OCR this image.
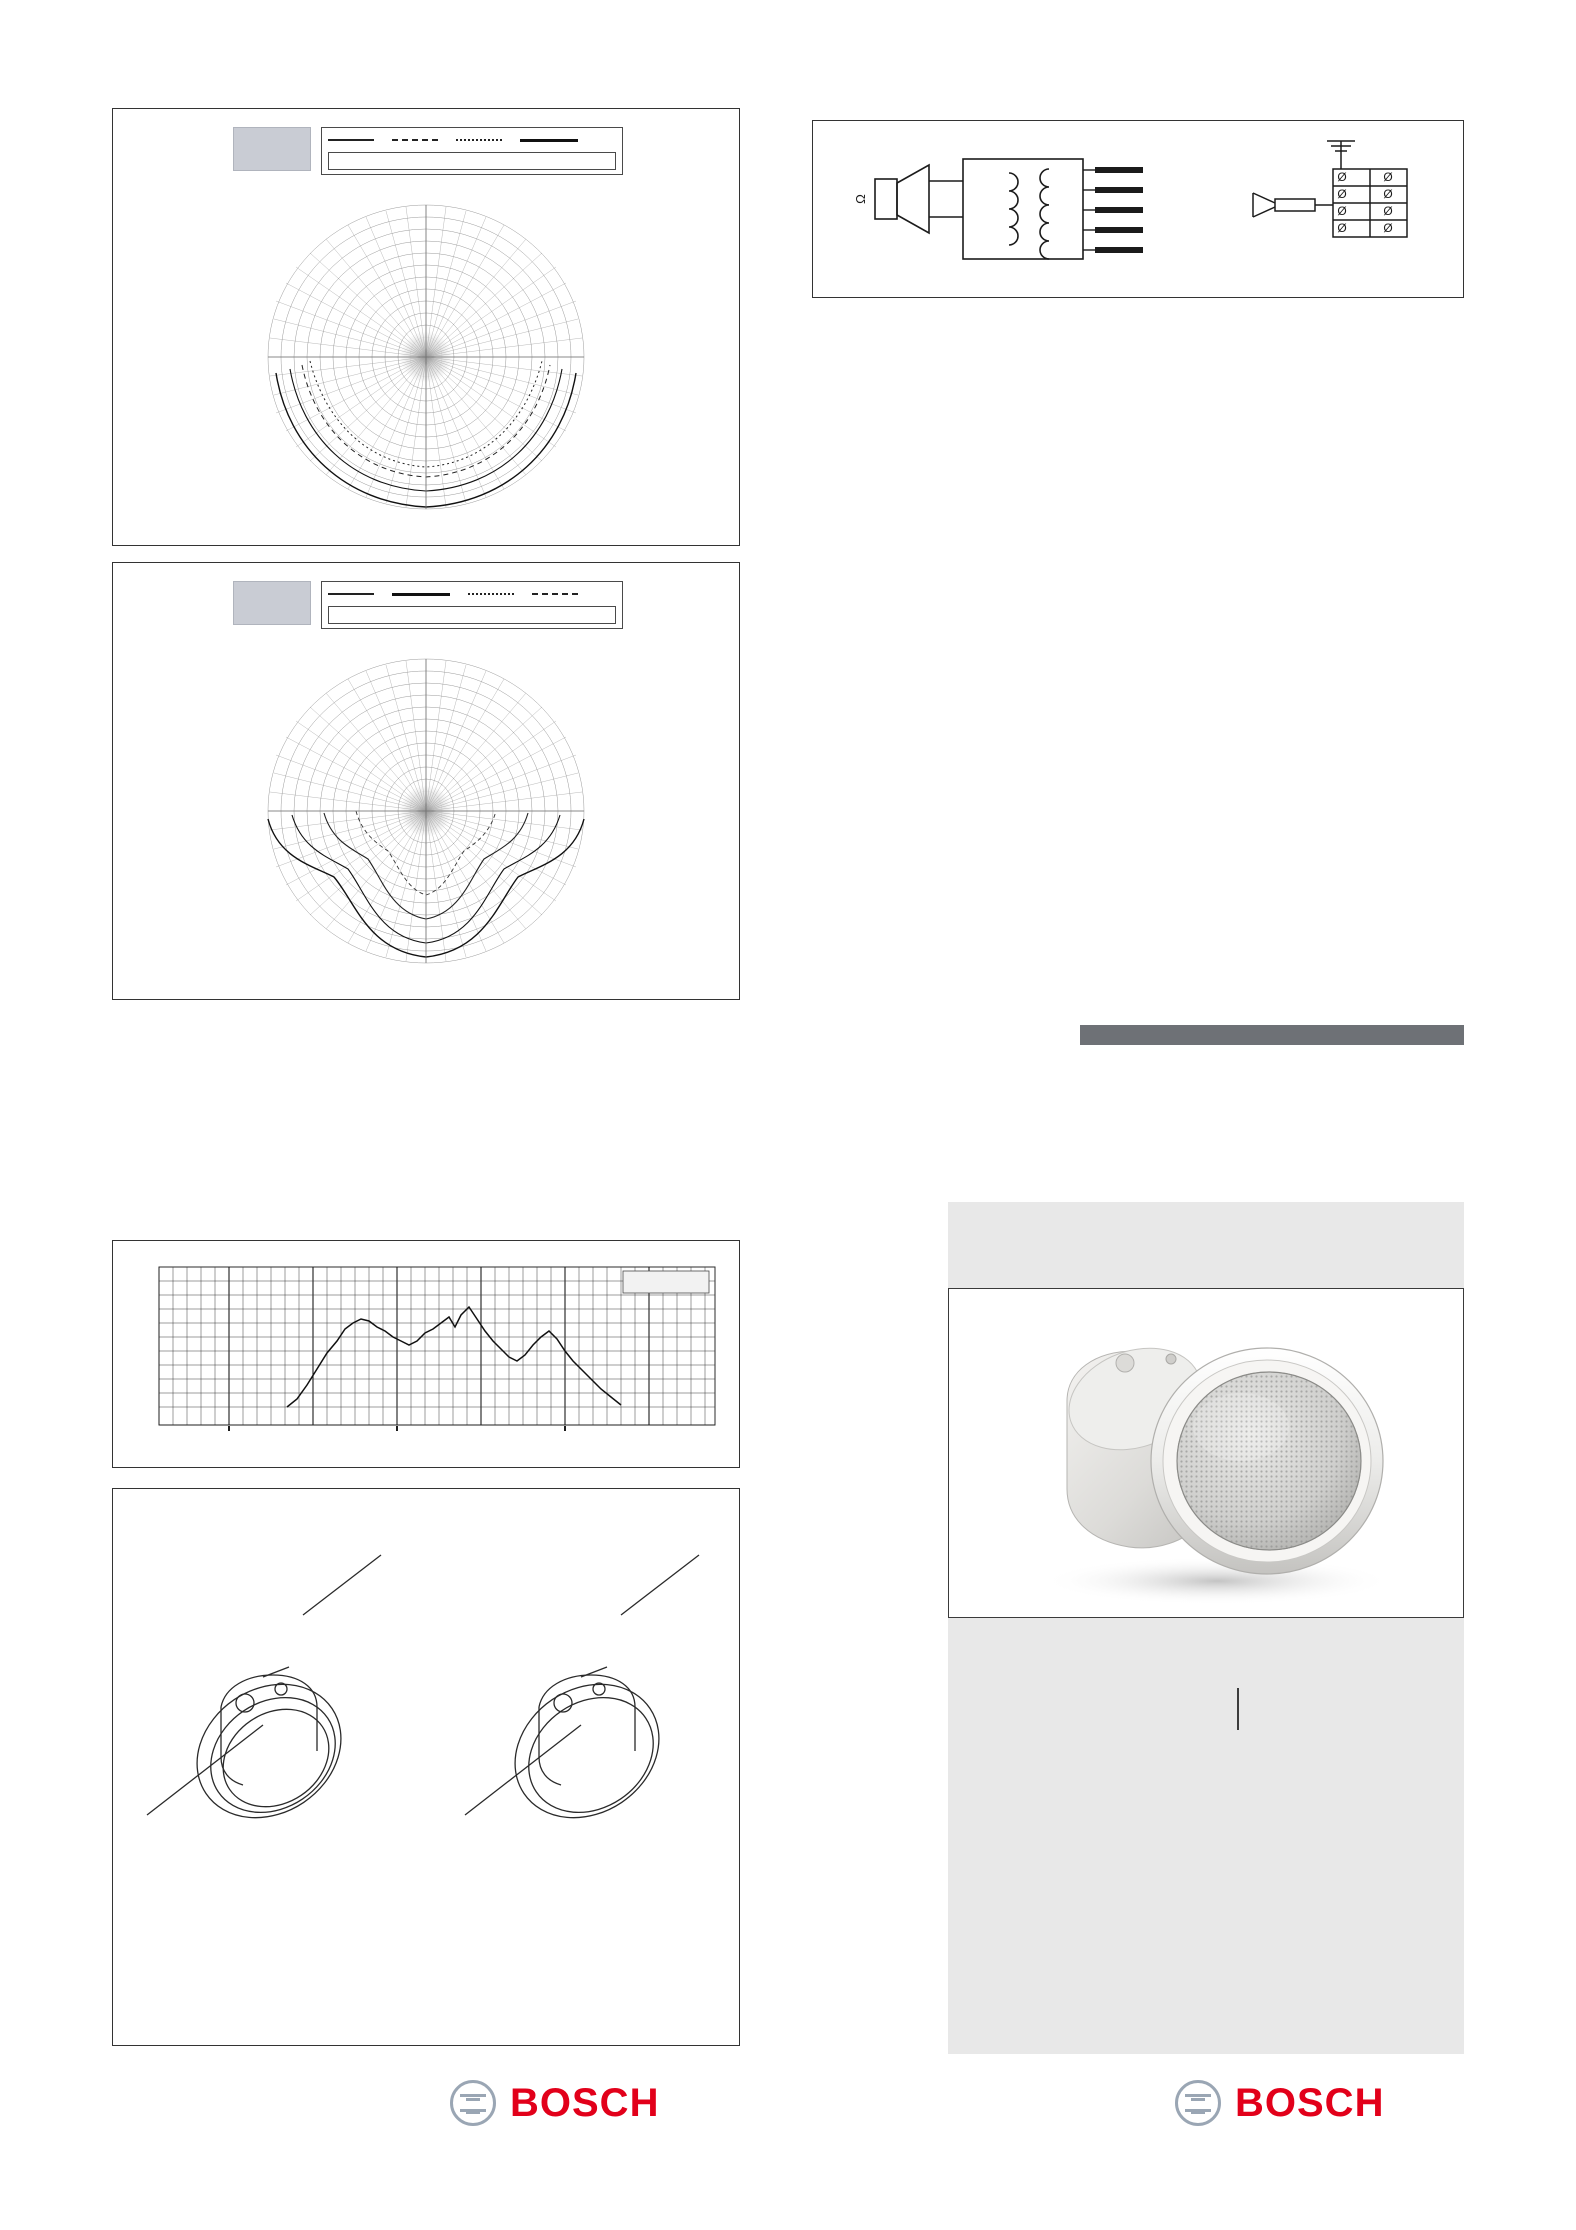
Ø
Ø
Ø
Ø
Ø
Ø
Ø
Ø
Ω
BOSCH	BOSCH
